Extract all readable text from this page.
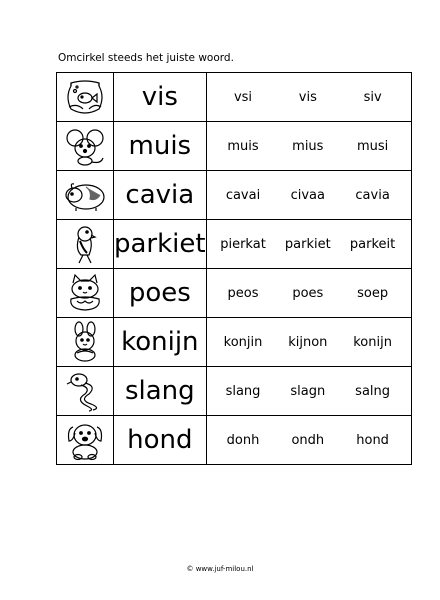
Omcirkel steeds het juiste woord.
	vis	vsi vis siv

	muis	muis mius musi

	cavia	cavai civaa cavia

	parkiet	pierkat parkiet parkeit

	poes	peos poes soep

	konijn	konjin kijnon konijn

	slang	slang slagn salng

	hond	donh ondh hond
© www.juf-milou.nl
